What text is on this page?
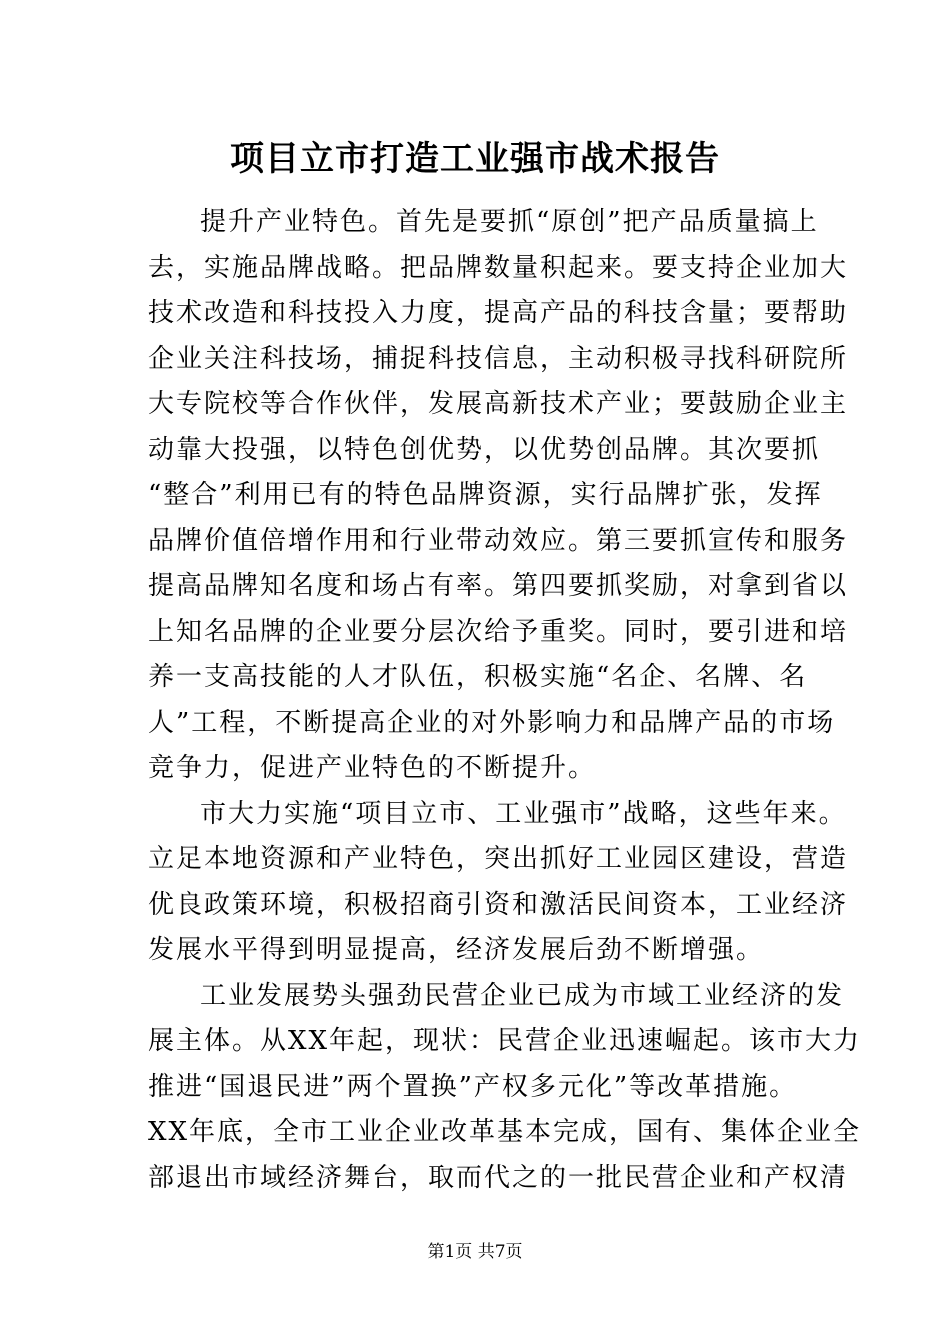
项目立市打造工业强市战术报告
提升产业特色。首先是要抓“原创”把产品质量搞上
去，实施品牌战略。把品牌数量积起来。要支持企业加大
技术改造和科技投入力度，提高产品的科技含量；要帮助
企业关注科技场，捕捉科技信息，主动积极寻找科研院所
大专院校等合作伙伴，发展高新技术产业；要鼓励企业主
动靠大投强，以特色创优势，以优势创品牌。其次要抓
“整合”利用已有的特色品牌资源，实行品牌扩张，发挥
品牌价值倍增作用和行业带动效应。第三要抓宣传和服务
提高品牌知名度和场占有率。第四要抓奖励，对拿到省以
上知名品牌的企业要分层次给予重奖。同时，要引进和培
养一支高技能的人才队伍，积极实施“名企、名牌、名
人”工程，不断提高企业的对外影响力和品牌产品的市场
竞争力，促进产业特色的不断提升。
市大力实施“项目立市、工业强市”战略，这些年来。
立足本地资源和产业特色，突出抓好工业园区建设，营造
优良政策环境，积极招商引资和激活民间资本，工业经济
发展水平得到明显提高，经济发展后劲不断增强。
工业发展势头强劲民营企业已成为市域工业经济的发
展主体。从XX年起，现状：民营企业迅速崛起。该市大力
推进“国退民进”两个置换”产权多元化”等改革措施。
XX年底，全市工业企业改革基本完成，国有、集体企业全
部退出市域经济舞台，取而代之的一批民营企业和产权清
第1页 共7页
